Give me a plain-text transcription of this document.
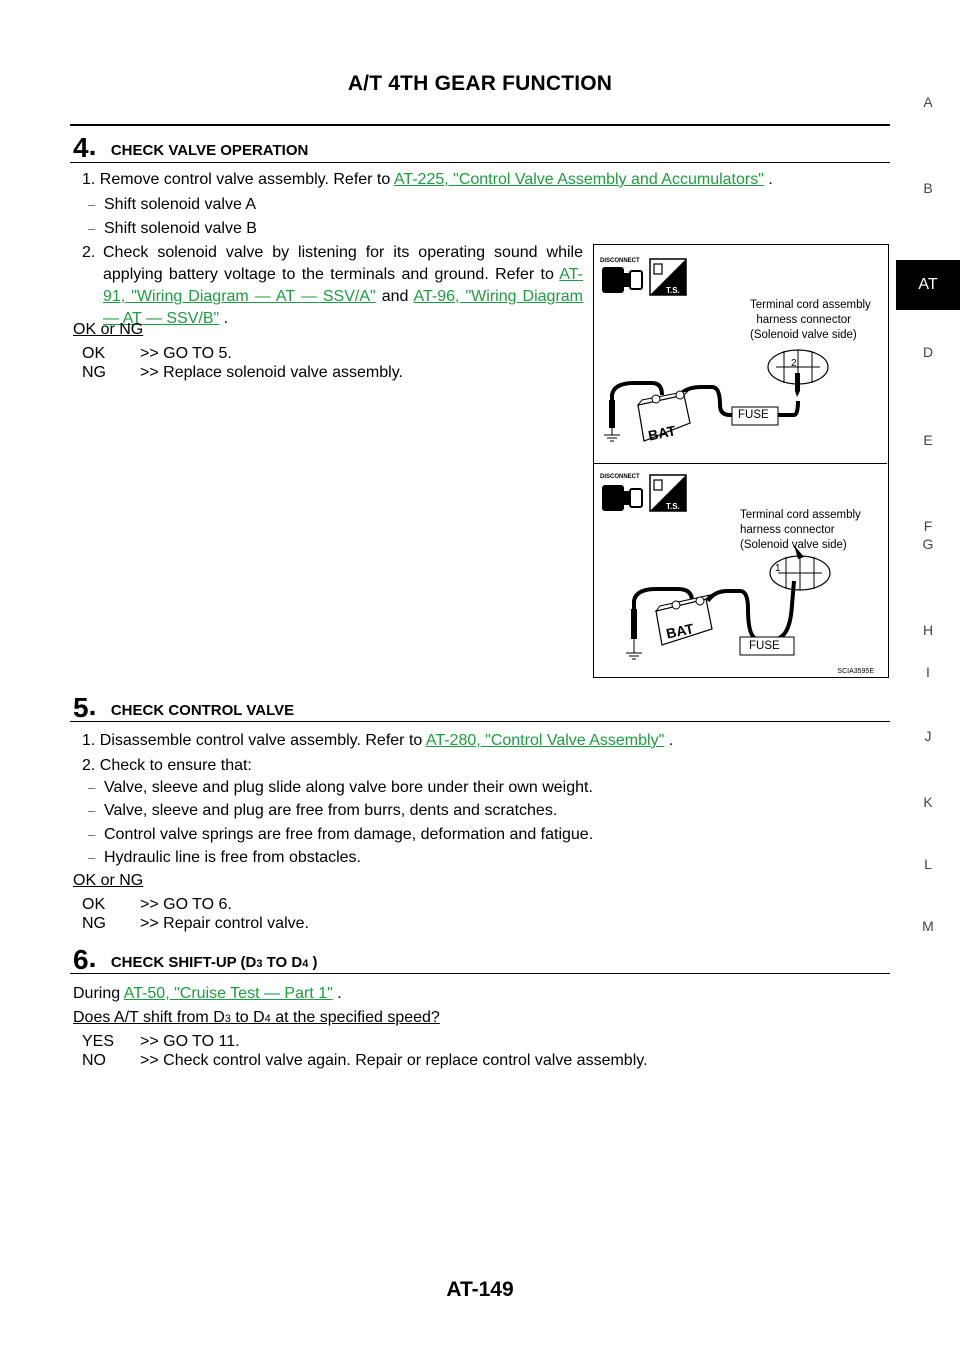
A/T 4TH GEAR FUNCTION
A
B
AT
D
E
F
G
H
I
J
K
L
M
4. CHECK VALVE OPERATION
1. Remove control valve assembly. Refer to AT-225, "Control Valve Assembly and Accumulators" .
– Shift solenoid valve A
– Shift solenoid valve B
2. Check solenoid valve by listening for its operating sound while applying battery voltage to the terminals and ground. Refer to AT-91, "Wiring Diagram — AT — SSV/A" and AT-96, "Wiring Diagram — AT — SSV/B" .
OK or NG
OK >> GO TO 5.
NG >> Replace solenoid valve assembly.
DISCONNECT
T.S.
Terminal cord assembly
harness connector
(Solenoid valve side)
2
FUSE
BAT
DISCONNECT
T.S.
Terminal cord assembly
harness connector
(Solenoid valve side)
1
FUSE
BAT
SCIA3595E
5. CHECK CONTROL VALVE
1. Disassemble control valve assembly. Refer to AT-280, "Control Valve Assembly" .
2. Check to ensure that:
– Valve, sleeve and plug slide along valve bore under their own weight.
– Valve, sleeve and plug are free from burrs, dents and scratches.
– Control valve springs are free from damage, deformation and fatigue.
– Hydraulic line is free from obstacles.
OK or NG
OK >> GO TO 6.
NG >> Repair control valve.
6. CHECK SHIFT-UP (D3 TO D4 )
During AT-50, "Cruise Test — Part 1" .
Does A/T shift from D3 to D4 at the specified speed?
YES >> GO TO 11.
NO >> Check control valve again. Repair or replace control valve assembly.
AT-149
